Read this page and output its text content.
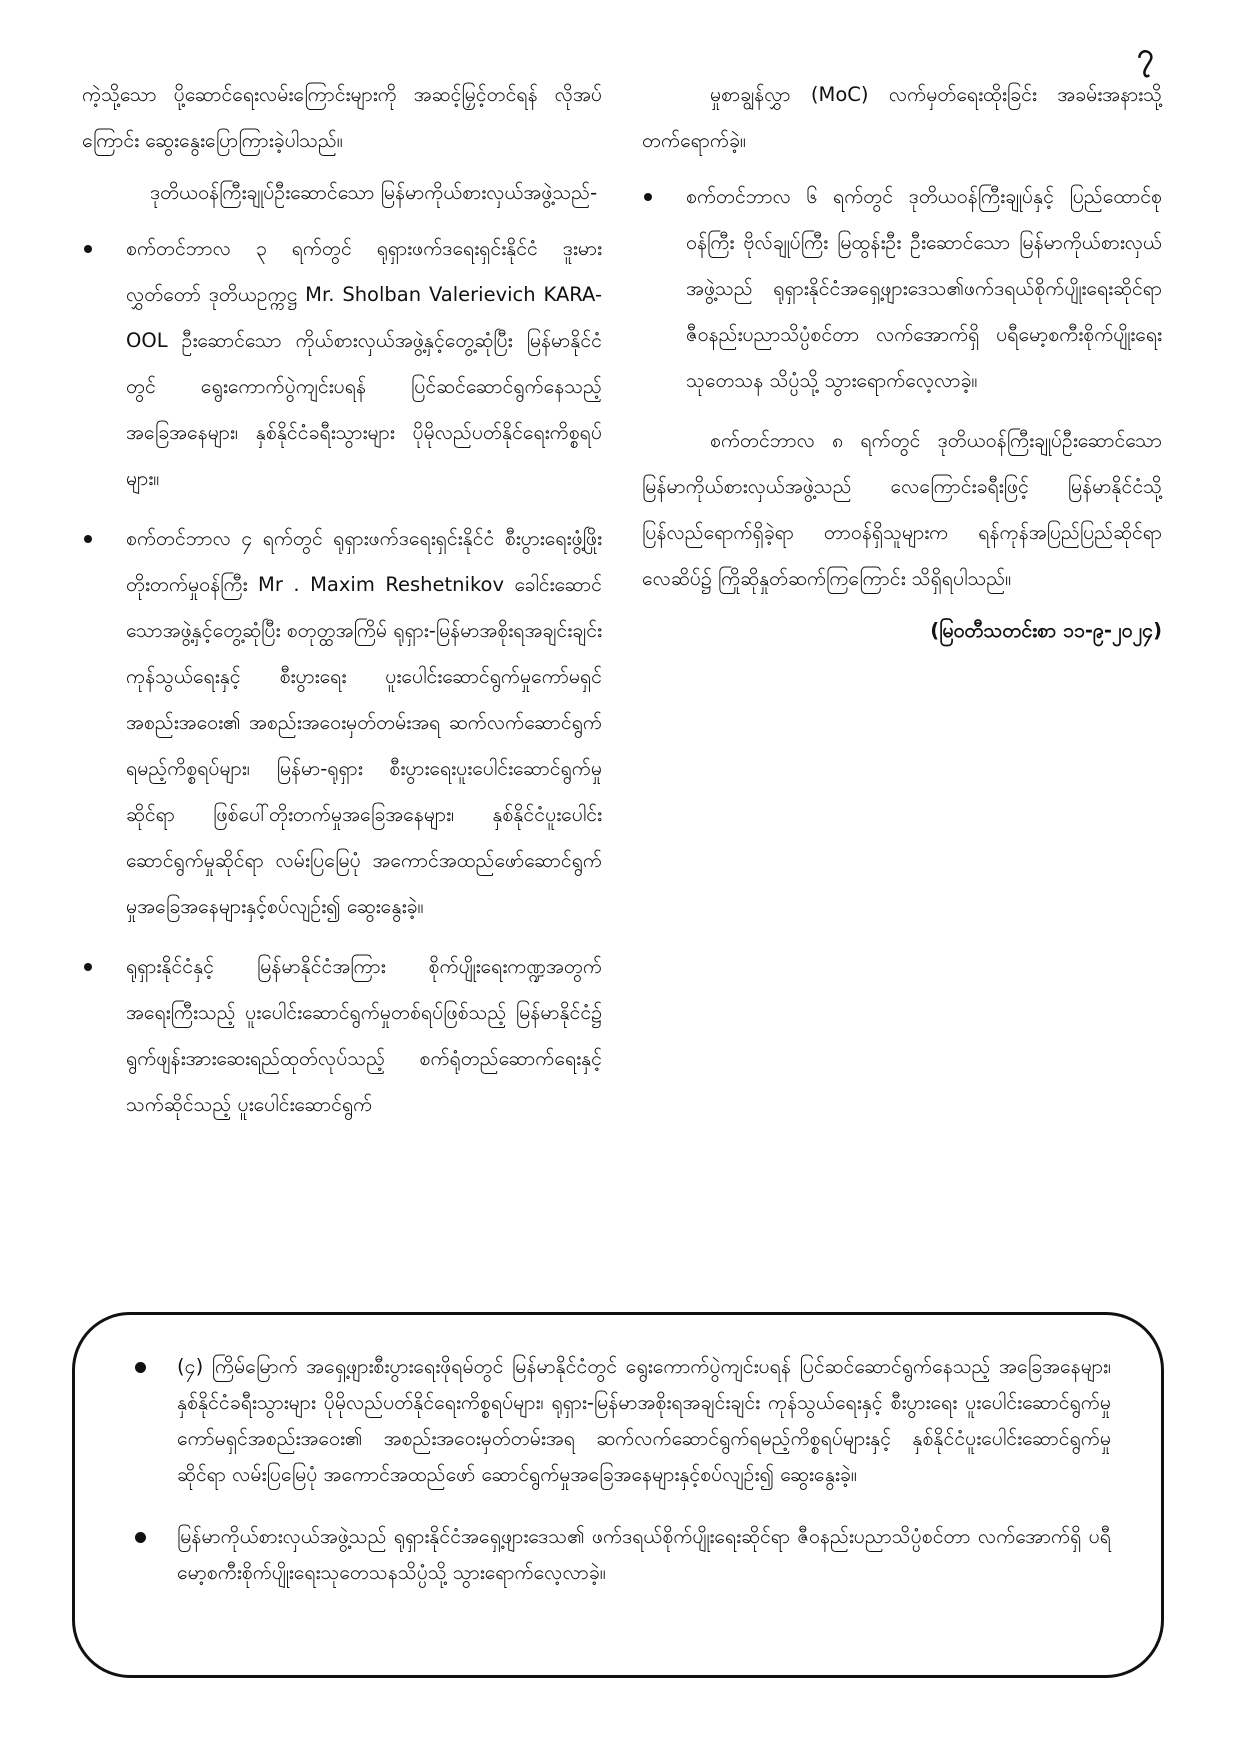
၇

ကဲ့သို့သော ပို့ဆောင်ရေးလမ်းကြောင်းများကို အဆင့်မြှင့်တင်ရန် လိုအပ်ကြောင်း ဆွေးနွေးပြောကြားခဲ့ပါသည်။

ဒုတိယဝန်ကြီးချုပ်ဦးဆောင်သော မြန်မာကိုယ်စားလှယ်အဖွဲ့သည်-

စက်တင်ဘာလ ၃ ရက်တွင် ရုရှားဖက်ဒရေးရှင်းနိုင်ငံ ဒူးမားလွှတ်တော် ဒုတိယဥက္ကဋ္ဌ Mr. Sholban Valerievich KARA-OOL ဦးဆောင်သော ကိုယ်စားလှယ်အဖွဲ့နှင့်တွေ့ဆုံပြီး မြန်မာနိုင်ငံတွင် ရွေးကောက်ပွဲကျင်းပရန် ပြင်ဆင်ဆောင်ရွက်နေသည့် အခြေအနေများ၊ နှစ်နိုင်ငံခရီးသွားများ ပိုမိုလည်ပတ်နိုင်ရေးကိစ္စရပ်များ။
စက်တင်ဘာလ ၄ ရက်တွင် ရုရှားဖက်ဒရေးရှင်းနိုင်ငံ စီးပွားရေးဖွံ့ဖြိုးတိုးတက်မှုဝန်ကြီး Mr . Maxim Reshetnikov ခေါင်းဆောင်သောအဖွဲ့နှင့်တွေ့ဆုံပြီး စတုတ္ထအကြိမ် ရုရှား-မြန်မာအစိုးရအချင်းချင်း ကုန်သွယ်ရေးနှင့် စီးပွားရေး ပူးပေါင်းဆောင်ရွက်မှုကော်မရှင်အစည်းအဝေး၏ အစည်းအဝေးမှတ်တမ်းအရ ဆက်လက်ဆောင်ရွက်ရမည့်ကိစ္စရပ်များ၊ မြန်မာ-ရုရှား စီးပွားရေးပူးပေါင်းဆောင်ရွက်မှုဆိုင်ရာ ဖြစ်ပေါ်တိုးတက်မှုအခြေအနေများ၊ နှစ်နိုင်ငံပူးပေါင်းဆောင်ရွက်မှုဆိုင်ရာ လမ်းပြမြေပုံ အကောင်အထည်ဖော်ဆောင်ရွက်မှုအခြေအနေများနှင့်စပ်လျဉ်း၍ ဆွေးနွေးခဲ့။
ရုရှားနိုင်ငံနှင့် မြန်မာနိုင်ငံအကြား စိုက်ပျိုးရေးကဏ္ဍအတွက် အရေးကြီးသည့် ပူးပေါင်းဆောင်ရွက်မှုတစ်ရပ်ဖြစ်သည့် မြန်မာနိုင်ငံ၌ ရွက်ဖျန်းအားဆေးရည်ထုတ်လုပ်သည့် စက်ရုံတည်ဆောက်ရေးနှင့်သက်ဆိုင်သည့် ပူးပေါင်းဆောင်ရွက်

မှုစာချွန်လွှာ (MoC) လက်မှတ်ရေးထိုးခြင်း အခမ်းအနားသို့ တက်ရောက်ခဲ့။

စက်တင်ဘာလ ၆ ရက်တွင် ဒုတိယဝန်ကြီးချုပ်နှင့် ပြည်ထောင်စုဝန်ကြီး ဗိုလ်ချုပ်ကြီး မြထွန်းဦး ဦးဆောင်သော မြန်မာကိုယ်စားလှယ်အဖွဲ့သည် ရုရှားနိုင်ငံအရှေ့ဖျားဒေသ၏ဖက်ဒရယ်စိုက်ပျိုးရေးဆိုင်ရာ ဇီဝနည်းပညာသိပ္ပံစင်တာ လက်အောက်ရှိ ပရီမော့စကီးစိုက်ပျိုးရေး သုတေသန သိပ္ပံသို့ သွားရောက်လေ့လာခဲ့။

စက်တင်ဘာလ ၈ ရက်တွင် ဒုတိယဝန်ကြီးချုပ်ဦးဆောင်သော မြန်မာကိုယ်စားလှယ်အဖွဲ့သည် လေကြောင်းခရီးဖြင့် မြန်မာနိုင်ငံသို့ ပြန်လည်ရောက်ရှိခဲ့ရာ တာဝန်ရှိသူများက ရန်ကုန်အပြည်ပြည်ဆိုင်ရာလေဆိပ်၌ ကြိုဆိုနှုတ်ဆက်ကြကြောင်း သိရှိရပါသည်။

(မြဝတီသတင်းစာ ၁၁-၉-၂၀၂၄)

(၄) ကြိမ်မြောက် အရှေ့ဖျားစီးပွားရေးဖိုရမ်တွင် မြန်မာနိုင်ငံတွင် ရွေးကောက်ပွဲကျင်းပရန် ပြင်ဆင်ဆောင်ရွက်နေသည့် အခြေအနေများ၊ နှစ်နိုင်ငံခရီးသွားများ ပိုမိုလည်ပတ်နိုင်ရေးကိစ္စရပ်များ၊ ရုရှား-မြန်မာအစိုးရအချင်းချင်း ကုန်သွယ်ရေးနှင့် စီးပွားရေး ပူးပေါင်းဆောင်ရွက်မှုကော်မရှင်အစည်းအဝေး၏ အစည်းအဝေးမှတ်တမ်းအရ ဆက်လက်ဆောင်ရွက်ရမည့်ကိစ္စရပ်များနှင့် နှစ်နိုင်ငံပူးပေါင်းဆောင်ရွက်မှုဆိုင်ရာ လမ်းပြမြေပုံ အကောင်အထည်ဖော် ဆောင်ရွက်မှုအခြေအနေများနှင့်စပ်လျဉ်း၍ ဆွေးနွေးခဲ့။
မြန်မာကိုယ်စားလှယ်အဖွဲ့သည် ရုရှားနိုင်ငံအရှေ့ဖျားဒေသ၏ ဖက်ဒရယ်စိုက်ပျိုးရေးဆိုင်ရာ ဇီဝနည်းပညာသိပ္ပံစင်တာ လက်အောက်ရှိ ပရီမော့စကီးစိုက်ပျိုးရေးသုတေသနသိပ္ပံသို့ သွားရောက်လေ့လာခဲ့။
